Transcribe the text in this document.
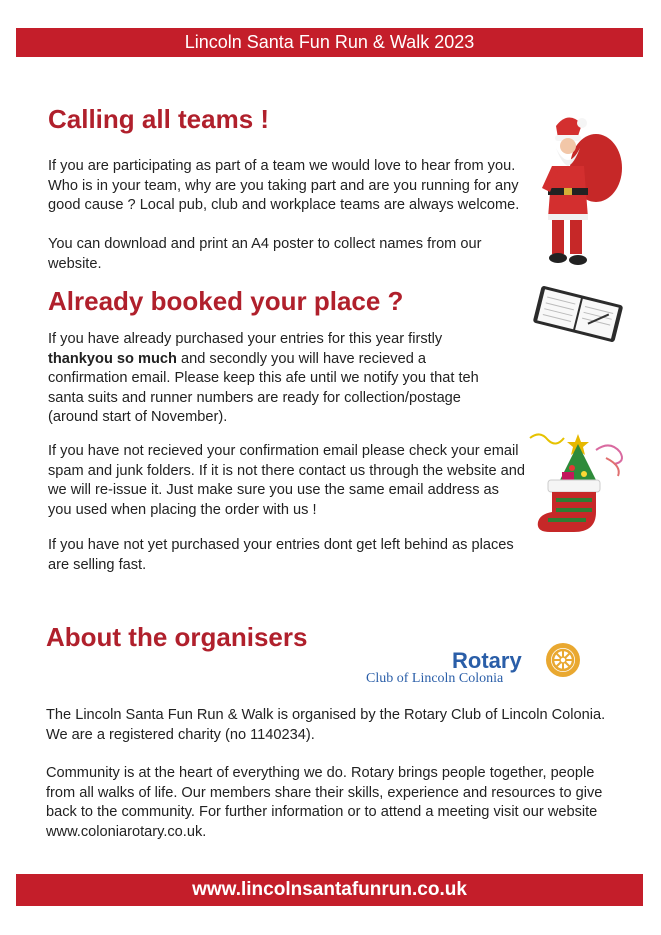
Lincoln Santa Fun Run & Walk 2023
Calling all teams !

If you are participating as part of a team we would love to hear from you. Who is in your team, why are you taking part and are you running for any good cause ? Local pub, club and workplace teams are always welcome.

You can download and print an A4 poster to collect names from our website.

Already booked your place ?

If you have already purchased your entries for this year firstly thankyou so much and secondly you will have recieved a confirmation email. Please keep this afe until we notify you that teh santa suits and runner numbers are ready for collection/postage (around start of November).

If you have not recieved your confirmation email please check your email spam and junk folders. If it is not there contact us through the website and we will re-issue it. Just make sure you use the same email address as you used when placing the order with us !

If you have not yet purchased your entries dont get left behind as places are selling fast.

About the organisers
Rotary
Club of Lincoln Colonia

The Lincoln Santa Fun Run & Walk is organised by the Rotary Club of Lincoln Colonia. We are a registered charity (no 1140234).

Community is at the heart of everything we do. Rotary brings people together, people from all walks of life. Our members share their skills, experience and resources to give back to the community. For further information or to attend a meeting visit our website www.coloniarotary.co.uk.

www.lincolnsantafunrun.co.uk
